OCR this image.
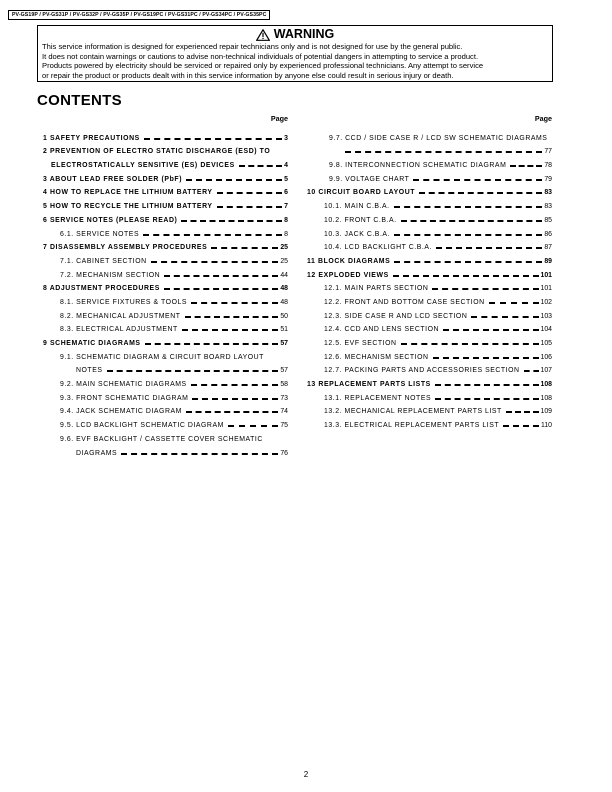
PV-GS19P / PV-GS31P / PV-GS32P / PV-GS35P / PV-GS19PC / PV-GS31PC / PV-GS34PC / PV-GS35PC
WARNING
This service information is designed for experienced repair technicians only and is not designed for use by the general public.
It does not contain warnings or cautions to advise non-technical individuals of potential dangers in attempting to service a product.
Products powered by electricity should be serviced or repaired only by experienced professional technicians. Any attempt to service
or repair the product or products dealt with in this service information by anyone else could result in serious injury or death.
CONTENTS
Page
1 SAFETY PRECAUTIONS	3
2 PREVENTION OF ELECTRO STATIC DISCHARGE (ESD) TO
ELECTROSTATICALLY SENSITIVE (ES) DEVICES	4
3 ABOUT LEAD FREE SOLDER (PbF)	5
4 HOW TO REPLACE THE LITHIUM BATTERY	6
5 HOW TO RECYCLE THE LITHIUM BATTERY	7
6 SERVICE NOTES (PLEASE READ)	8
6.1. SERVICE NOTES	8
7 DISASSEMBLY ASSEMBLY PROCEDURES	25
7.1. CABINET SECTION	25
7.2. MECHANISM SECTION	44
8 ADJUSTMENT PROCEDURES	48
8.1. SERVICE FIXTURES & TOOLS	48
8.2. MECHANICAL ADJUSTMENT	50
8.3. ELECTRICAL ADJUSTMENT	51
9 SCHEMATIC DIAGRAMS	57
9.1. SCHEMATIC DIAGRAM & CIRCUIT BOARD LAYOUT
NOTES	57
9.2. MAIN SCHEMATIC DIAGRAMS	58
9.3. FRONT SCHEMATIC DIAGRAM	73
9.4. JACK SCHEMATIC DIAGRAM	74
9.5. LCD BACKLIGHT SCHEMATIC DIAGRAM	75
9.6. EVF BACKLIGHT / CASSETTE COVER SCHEMATIC
DIAGRAMS	76
Page
9.7. CCD / SIDE CASE R / LCD SW SCHEMATIC DIAGRAMS
77
9.8. INTERCONNECTION SCHEMATIC DIAGRAM	78
9.9. VOLTAGE CHART	79
10 CIRCUIT BOARD LAYOUT	83
10.1. MAIN C.B.A.	83
10.2. FRONT C.B.A.	85
10.3. JACK C.B.A.	86
10.4. LCD BACKLIGHT C.B.A.	87
11 BLOCK DIAGRAMS	89
12 EXPLODED VIEWS	101
12.1. MAIN PARTS SECTION	101
12.2. FRONT AND BOTTOM CASE SECTION	102
12.3. SIDE CASE R AND LCD SECTION	103
12.4. CCD AND LENS SECTION	104
12.5. EVF SECTION	105
12.6. MECHANISM SECTION	106
12.7. PACKING PARTS AND ACCESSORIES SECTION	107
13 REPLACEMENT PARTS LISTS	108
13.1. REPLACEMENT NOTES	108
13.2. MECHANICAL REPLACEMENT PARTS LIST	109
13.3. ELECTRICAL REPLACEMENT PARTS LIST	110
2
